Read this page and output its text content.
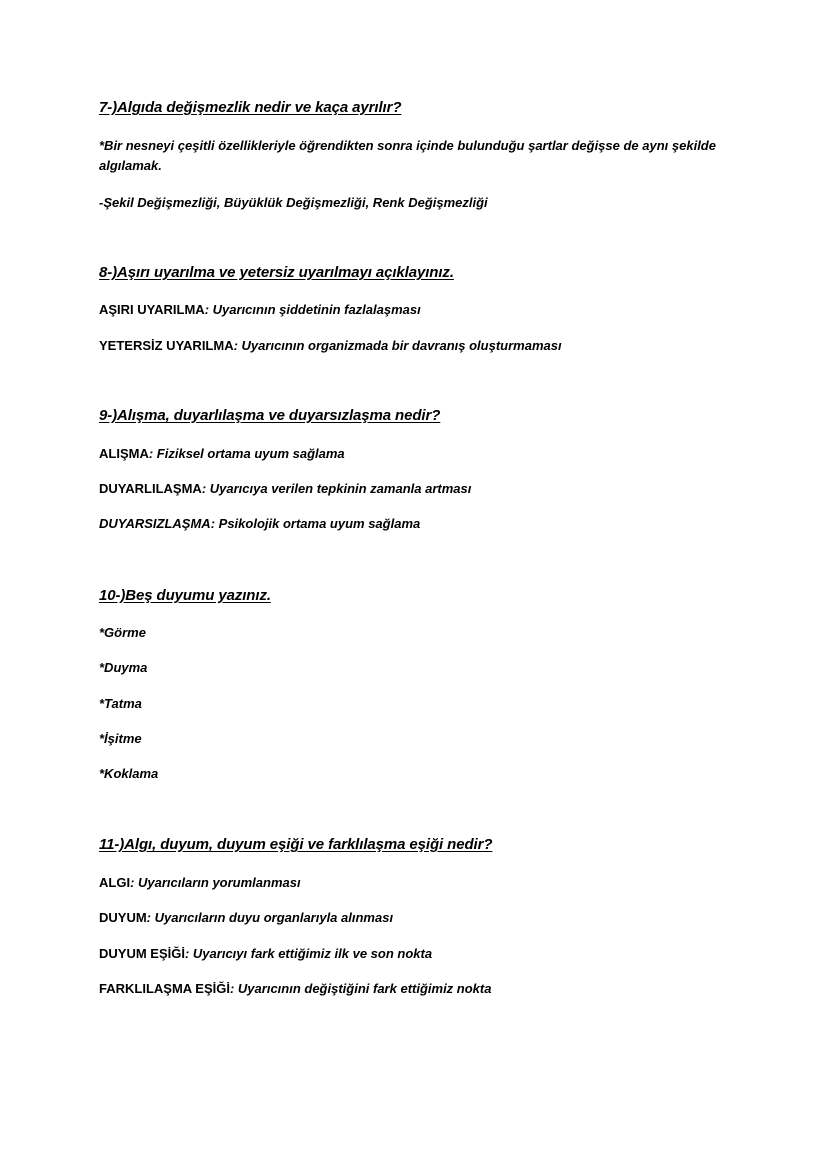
7-)Algıda değişmezlik nedir ve kaça ayrılır?
*Bir nesneyi çeşitli özellikleriyle öğrendikten sonra içinde bulunduğu şartlar değişse de aynı şekilde algılamak.
-Şekil Değişmezliği, Büyüklük Değişmezliği, Renk Değişmezliği
8-)Aşırı uyarılma ve yetersiz uyarılmayı açıklayınız.
AŞIRI UYARILMA: Uyarıcının şiddetinin fazlalaşması
YETERSİZ UYARILMA: Uyarıcının organizmada bir davranış oluşturmaması
9-)Alışma, duyarlılaşma ve duyarsızlaşma nedir?
ALIŞMA: Fiziksel ortama uyum sağlama
DUYARLILAŞMA: Uyarıcıya verilen tepkinin zamanla artması
DUYARSIZLAŞMA: Psikolojik ortama uyum sağlama
10-)Beş duyumu yazınız.
*Görme
*Duyma
*Tatma
*İşitme
*Koklama
11-)Algı, duyum, duyum eşiği ve farklılaşma eşiği nedir?
ALGI: Uyarıcıların yorumlanması
DUYUM: Uyarıcıların duyu organlarıyla alınması
DUYUM EŞİĞİ: Uyarıcıyı fark ettiğimiz ilk ve son nokta
FARKLILAŞMA EŞİĞİ: Uyarıcının değiştiğini fark ettiğimiz nokta
